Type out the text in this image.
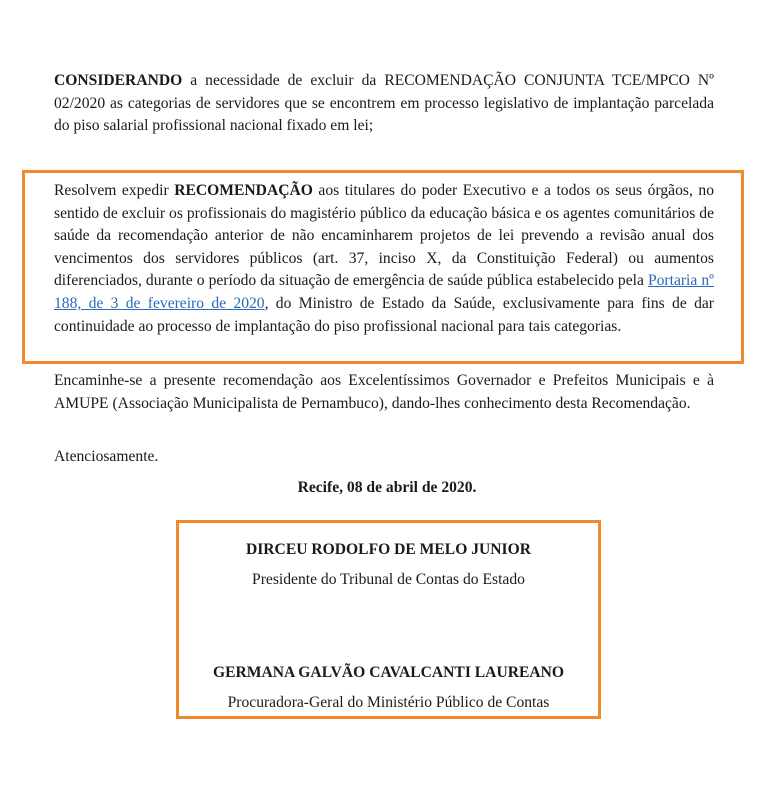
CONSIDERANDO a necessidade de excluir da RECOMENDAÇÃO CONJUNTA TCE/MPCO Nº 02/2020 as categorias de servidores que se encontrem em processo legislativo de implantação parcelada do piso salarial profissional nacional fixado em lei;

Resolvem expedir RECOMENDAÇÃO aos titulares do poder Executivo e a todos os seus órgãos, no sentido de excluir os profissionais do magistério público da educação básica e os agentes comunitários de saúde da recomendação anterior de não encaminharem projetos de lei prevendo a revisão anual dos vencimentos dos servidores públicos (art. 37, inciso X, da Constituição Federal) ou aumentos diferenciados, durante o período da situação de emergência de saúde pública estabelecido pela Portaria nº 188, de 3 de fevereiro de 2020, do Ministro de Estado da Saúde, exclusivamente para fins de dar continuidade ao processo de implantação do piso profissional nacional para tais categorias.

Encaminhe-se a presente recomendação aos Excelentíssimos Governador e Prefeitos Municipais e à AMUPE (Associação Municipalista de Pernambuco), dando-lhes conhecimento desta Recomendação.

Atenciosamente.

Recife, 08 de abril de 2020.

DIRCEU RODOLFO DE MELO JUNIOR

Presidente do Tribunal de Contas do Estado

GERMANA GALVÃO CAVALCANTI LAUREANO

Procuradora-Geral do Ministério Público de Contas
